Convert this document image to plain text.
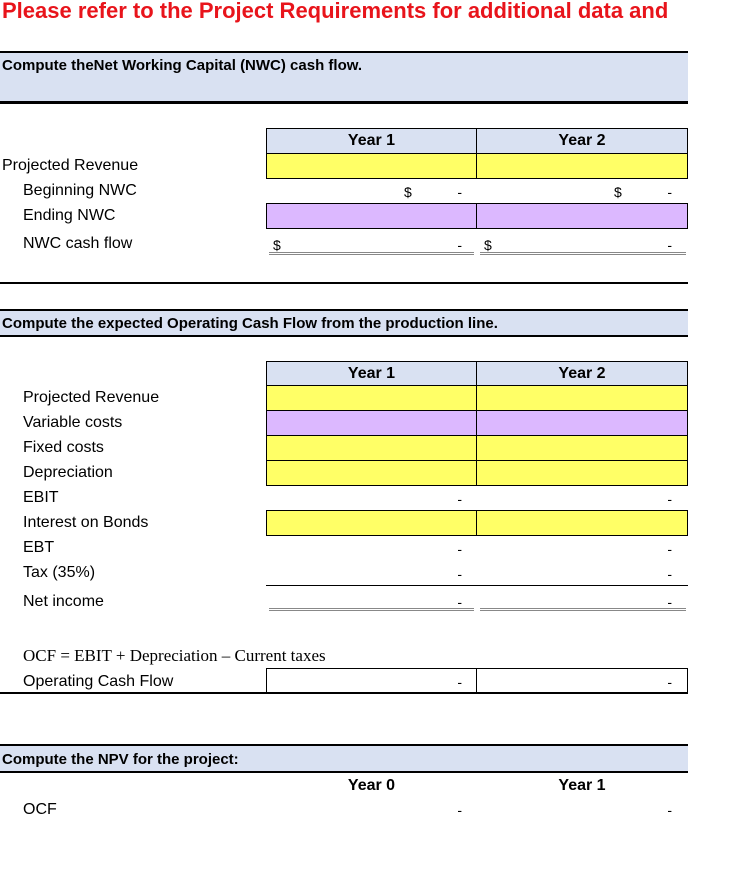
Please refer to the Project Requirements for additional data and
Compute theNet Working Capital (NWC) cash flow.
Year 1	Year 2
Projected Revenue
Beginning NWC	$	-	$	-
Ending NWC
NWC cash flow	$	- $	-
Compute the expected Operating Cash Flow from the production line.
Year 1	Year 2
Projected Revenue
Variable costs
Fixed costs
Depreciation
EBIT	-	-
Interest on Bonds
EBT	-	-
Tax (35%)	-	-
Net income	-	-
OCF = EBIT + Depreciation – Current taxes
Operating Cash Flow	-	-
Compute the NPV for the project:
Year 0	Year 1
OCF	-	-
